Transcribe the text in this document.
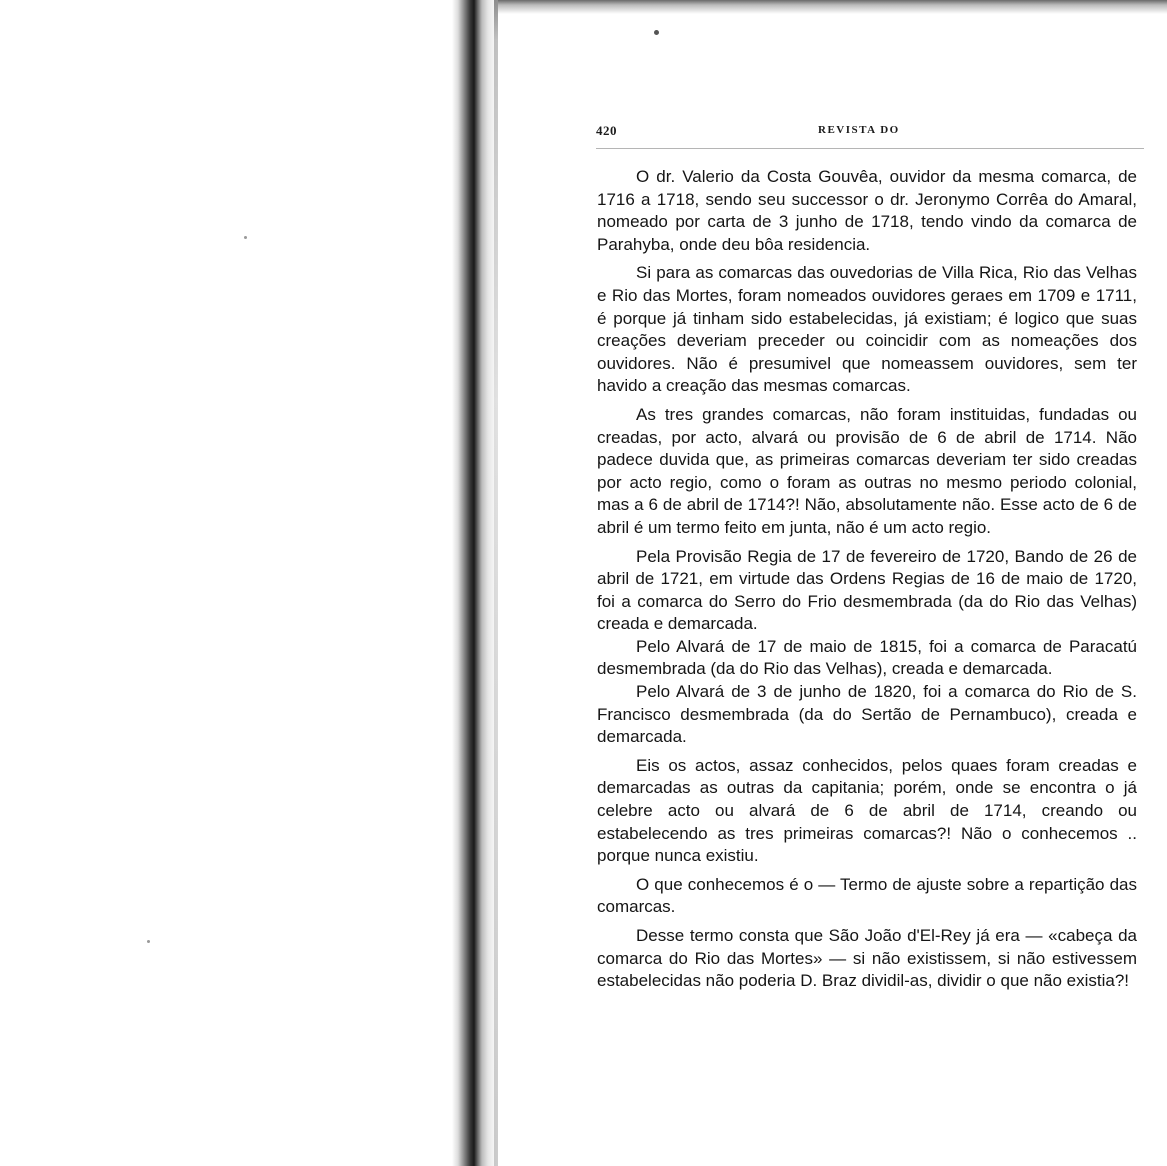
420	REVISTA DO

O dr. Valerio da Costa Gouvêa, ouvidor da mesma comarca, de 1716 a 1718, sendo seu successor o dr. Jeronymo Corrêa do Amaral, nomeado por carta de 3 junho de 1718, tendo vindo da comarca de Parahyba, onde deu bôa residencia.

Si para as comarcas das ouvedorias de Villa Rica, Rio das Velhas e Rio das Mortes, foram nomeados ouvidores geraes em 1709 e 1711, é porque já tinham sido estabelecidas, já existiam; é logico que suas creações deveriam preceder ou coincidir com as nomeações dos ouvidores. Não é presumivel que nomeassem ouvidores, sem ter havido a creação das mesmas comarcas.

As tres grandes comarcas, não foram instituidas, fundadas ou creadas, por acto, alvará ou provisão de 6 de abril de 1714. Não padece duvida que, as primeiras comarcas deveriam ter sido creadas por acto regio, como o foram as outras no mesmo periodo colonial, mas a 6 de abril de 1714?! Não, absolutamente não. Esse acto de 6 de abril é um termo feito em junta, não é um acto regio.

Pela Provisão Regia de 17 de fevereiro de 1720, Bando de 26 de abril de 1721, em virtude das Ordens Regias de 16 de maio de 1720, foi a comarca do Serro do Frio desmembrada (da do Rio das Velhas) creada e demarcada.

Pelo Alvará de 17 de maio de 1815, foi a comarca de Paracatú desmembrada (da do Rio das Velhas), creada e demarcada.

Pelo Alvará de 3 de junho de 1820, foi a comarca do Rio de S. Francisco desmembrada (da do Sertão de Pernambuco), creada e demarcada.

Eis os actos, assaz conhecidos, pelos quaes foram creadas e demarcadas as outras da capitania; porém, onde se encontra o já celebre acto ou alvará de 6 de abril de 1714, creando ou estabelecendo as tres primeiras comarcas?! Não o conhecemos .. porque nunca existiu.

O que conhecemos é o — Termo de ajuste sobre a repartição das comarcas.

Desse termo consta que São João d'El-Rey já era — «cabeça da comarca do Rio das Mortes» — si não existissem, si não estivessem estabelecidas não poderia D. Braz dividil-as, dividir o que não existia?!
